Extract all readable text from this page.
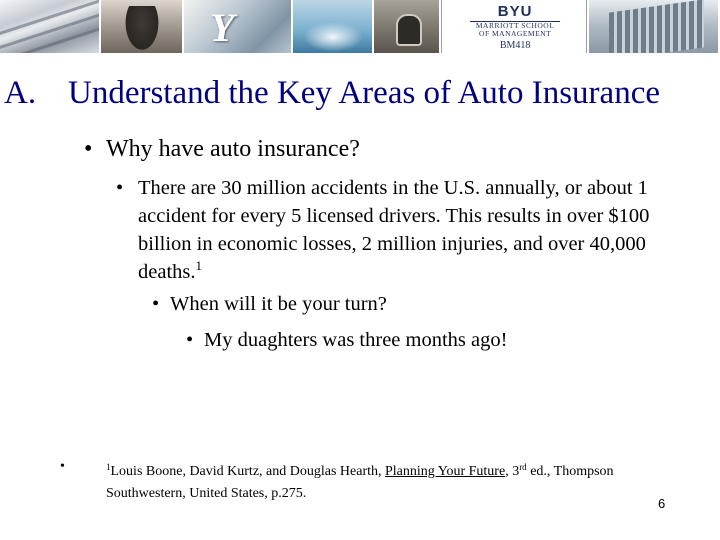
Y	BYU
MARRIOTT SCHOOL
OF MANAGEMENT
BM418
A. Understand the Key Areas of Auto Insurance
• Why have auto insurance?
• There are 30 million accidents in the U.S. annually, or about 1 accident for every 5 licensed drivers. This results in over $100 billion in economic losses, 2 million injuries, and over 40,000 deaths.$^1$
• When will it be your turn?
• My duaghters was three months ago!
•	$^1$Louis Boone, David Kurtz, and Douglas Hearth, Planning Your Future, 3rd ed., Thompson Southwestern, United States, p.275.
6
